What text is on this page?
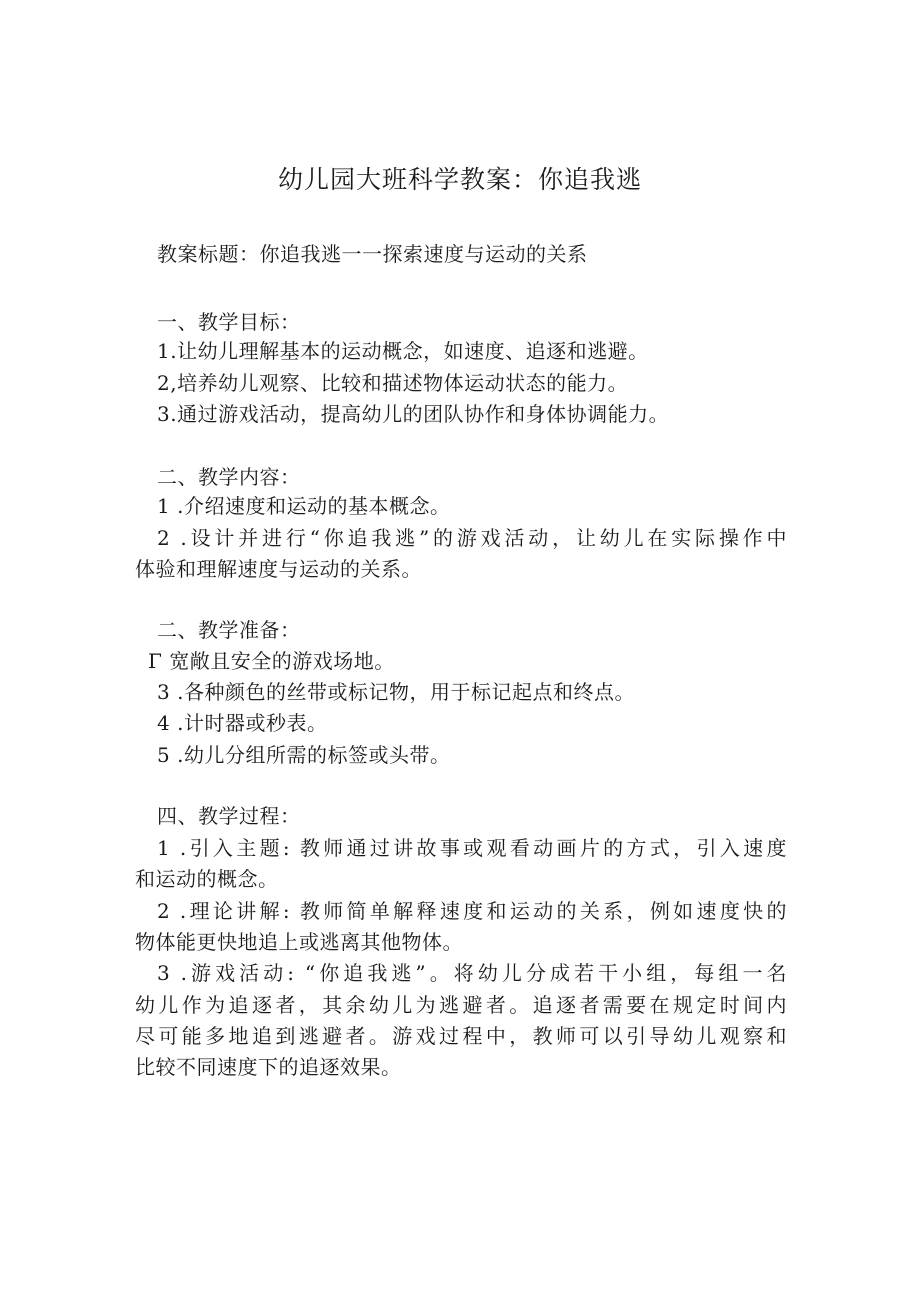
幼儿园大班科学教案：你追我逃
教案标题：你追我逃一一探索速度与运动的关系
一、教学目标：
1.让幼儿理解基本的运动概念，如速度、追逐和逃避。
2,培养幼儿观察、比较和描述物体运动状态的能力。
3.通过游戏活动，提高幼儿的团队协作和身体协调能力。
二、教学内容：
1 .介绍速度和运动的基本概念。
2 .设计并进行“你追我逃”的游戏活动，让幼儿在实际操作中
体验和理解速度与运动的关系。
二、教学准备：
Γ 宽敞且安全的游戏场地。
3 .各种颜色的丝带或标记物，用于标记起点和终点。
4 .计时器或秒表。
5 .幼儿分组所需的标签或头带。
四、教学过程：
1 .引入主题: 教师通过讲故事或观看动画片的方式，引入速度
和运动的概念。
2 .理论讲解: 教师简单解释速度和运动的关系，例如速度快的
物体能更快地追上或逃离其他物体。
3 .游戏活动: “你追我逃”。将幼儿分成若干小组，每组一名
幼儿作为追逐者，其余幼儿为逃避者。追逐者需要在规定时间内
尽可能多地追到逃避者。游戏过程中，教师可以引导幼儿观察和
比较不同速度下的追逐效果。
